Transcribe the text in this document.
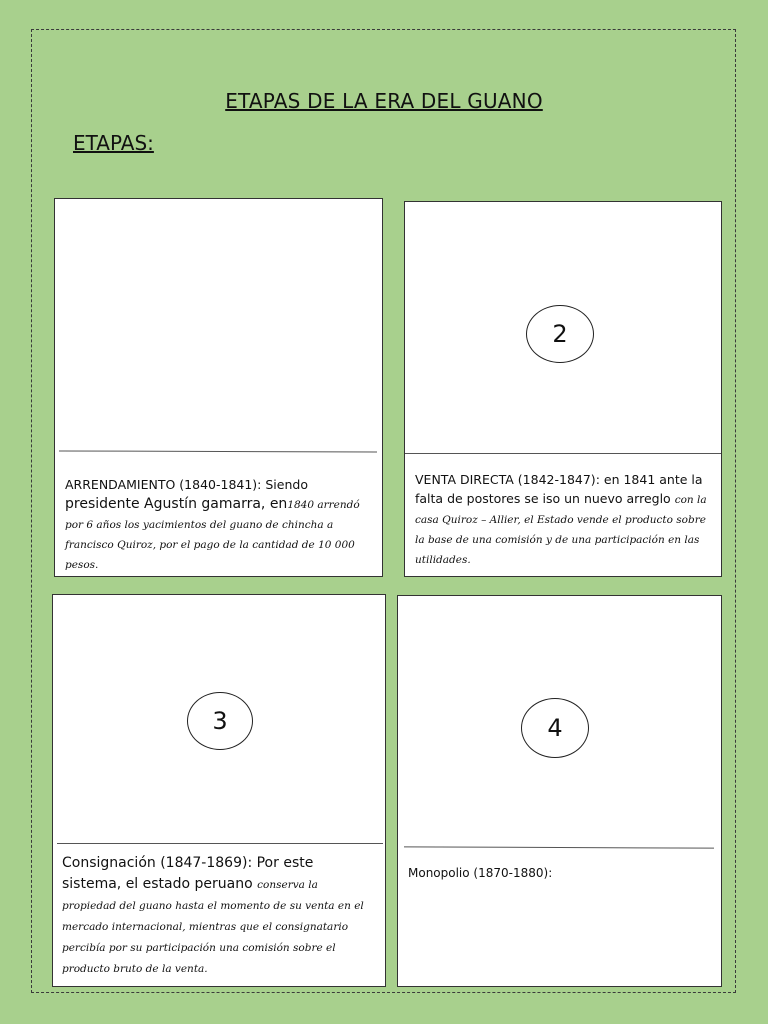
ETAPAS DE LA ERA DEL GUANO
ETAPAS:
ARRENDAMIENTO (1840-1841): Siendo
presidente Agustín gamarra, en1840 arrendó por 6 años los yacimientos del guano de chincha a francisco Quiroz, por el pago de la cantidad de 10 000 pesos.
2
VENTA DIRECTA (1842-1847): en 1841 ante la falta de postores se iso un nuevo arreglo con la casa Quiroz – Allier, el Estado vende el producto sobre la base de una comisión y de una participación en las utilidades.
3
Consignación (1847-1869): Por este sistema, el estado peruano conserva la propiedad del guano hasta el momento de su venta en el mercado internacional, mientras que el consignatario percibía por su participación una comisión sobre el producto bruto de la venta.
4
Monopolio (1870-1880):
